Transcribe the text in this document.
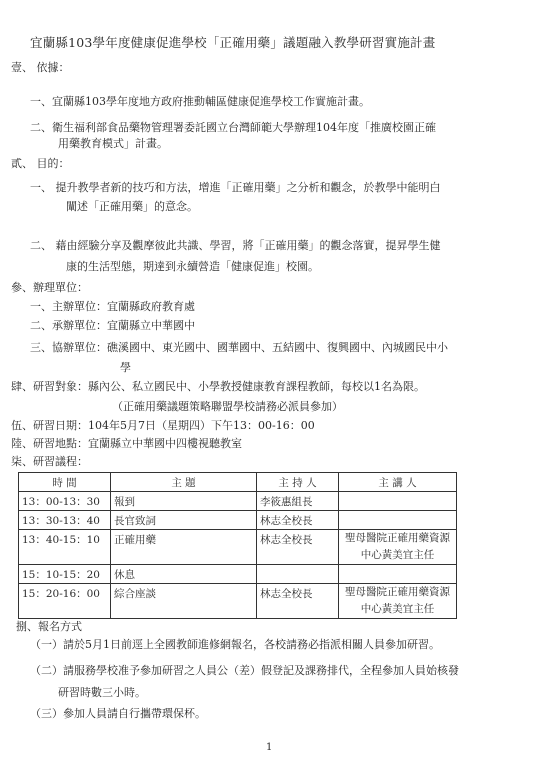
宜蘭縣103學年度健康促進學校「正確用藥」議題融入教學研習實施計畫
壹、 依據：
一、宜蘭縣103學年度地方政府推動輔區健康促進學校工作實施計畫。
二、衛生福利部食品藥物管理署委託國立台灣師範大學辦理104年度「推廣校園正確
用藥教育模式」計畫。
貳、 目的：
一、 提升教學者新的技巧和方法，增進「正確用藥」之分析和觀念，於教學中能明白
闡述「正確用藥」的意念。
二、 藉由經驗分享及觀摩彼此共識、學習，將「正確用藥」的觀念落實，提昇學生健
康的生活型態，期達到永續營造「健康促進」校園。
參、辦理單位：
一、主辦單位：宜蘭縣政府教育處
二、承辦單位：宜蘭縣立中華國中
三、協辦單位：礁溪國中、東光國中、國華國中、五結國中、復興國中、內城國民中小
學
肆、研習對象：縣內公、私立國民中、小學教授健康教育課程教師，每校以1名為限。
（正確用藥議題策略聯盟學校請務必派員參加）
伍、研習日期：104年5月7日（星期四）下午13：00-16：00
陸、研習地點：宜蘭縣立中華國中四樓視聽教室
柒、研習議程：
時 間	主 題	主 持 人	主 講 人
13：00-13：30	報到	李筱惠組長	
13：30-13：40	長官致詞	林志全校長	
13：40-15：10	正確用藥	林志全校長	聖母醫院正確用藥資源中心黃美宜主任
15：10-15：20	休息		
15：20-16：00	綜合座談	林志全校長	聖母醫院正確用藥資源中心黃美宜主任
捌、報名方式
（一）請於5月1日前逕上全國教師進修網報名，各校請務必指派相關人員參加研習。
（二）請服務學校准予參加研習之人員公（差）假登記及課務排代，全程參加人員始核發
研習時數三小時。
（三）參加人員請自行攜帶環保杯。
1
